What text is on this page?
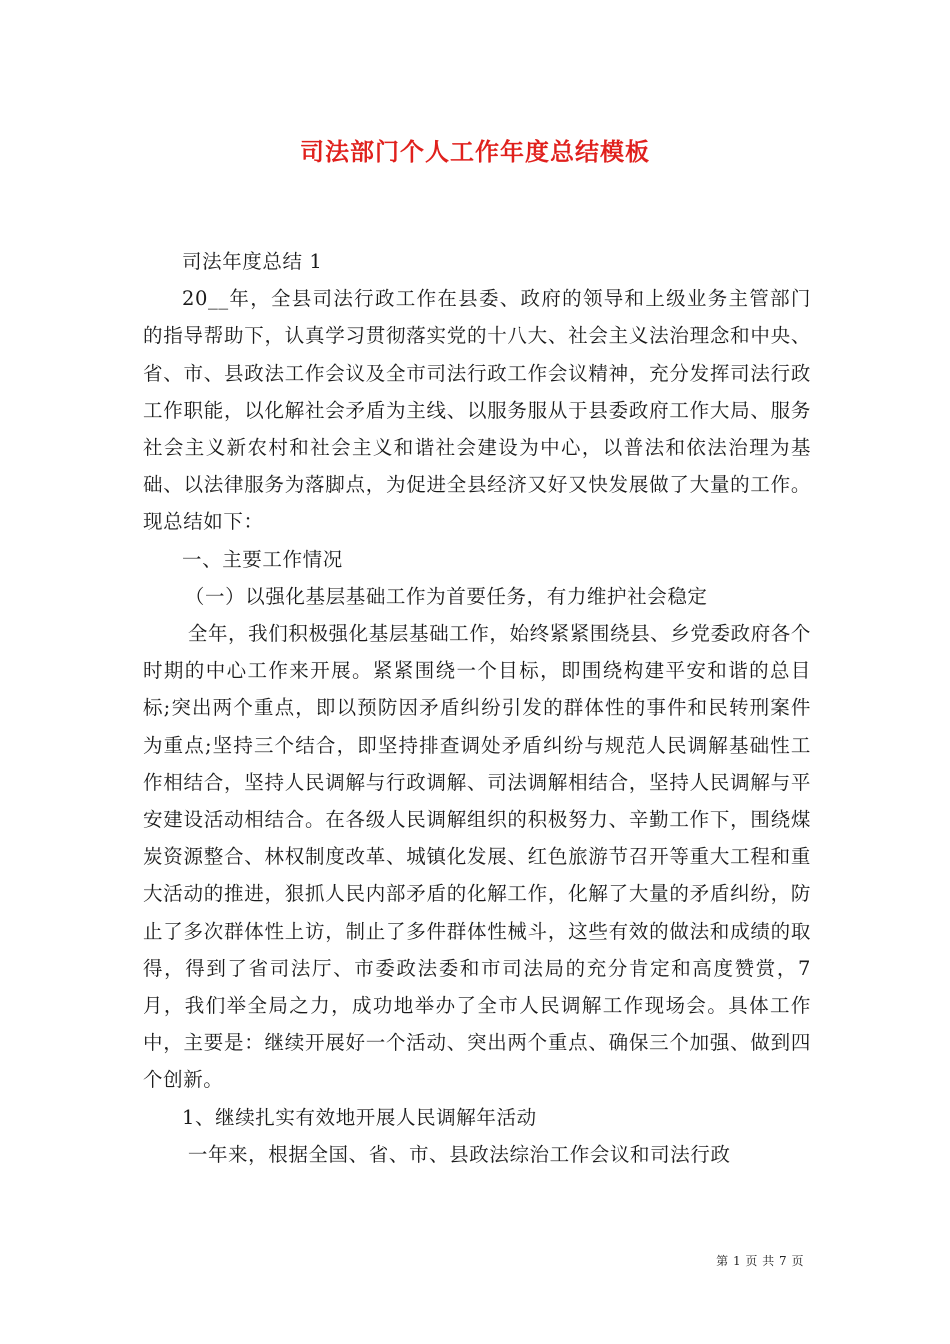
司法部门个人工作年度总结模板

司法年度总结 1

20__年，全县司法行政工作在县委、政府的领导和上级业务主管部门的指导帮助下，认真学习贯彻落实党的十八大、社会主义法治理念和中央、省、市、县政法工作会议及全市司法行政工作会议精神，充分发挥司法行政工作职能，以化解社会矛盾为主线、以服务服从于县委政府工作大局、服务社会主义新农村和社会主义和谐社会建设为中心，以普法和依法治理为基础、以法律服务为落脚点，为促进全县经济又好又快发展做了大量的工作。现总结如下：

一、主要工作情况

（一）以强化基层基础工作为首要任务，有力维护社会稳定

全年，我们积极强化基层基础工作，始终紧紧围绕县、乡党委政府各个时期的中心工作来开展。紧紧围绕一个目标，即围绕构建平安和谐的总目标;突出两个重点，即以预防因矛盾纠纷引发的群体性的事件和民转刑案件为重点;坚持三个结合，即坚持排查调处矛盾纠纷与规范人民调解基础性工作相结合，坚持人民调解与行政调解、司法调解相结合，坚持人民调解与平安建设活动相结合。在各级人民调解组织的积极努力、辛勤工作下，围绕煤炭资源整合、林权制度改革、城镇化发展、红色旅游节召开等重大工程和重大活动的推进，狠抓人民内部矛盾的化解工作，化解了大量的矛盾纠纷，防止了多次群体性上访，制止了多件群体性械斗，这些有效的做法和成绩的取得，得到了省司法厅、市委政法委和市司法局的充分肯定和高度赞赏，7 月，我们举全局之力，成功地举办了全市人民调解工作现场会。具体工作中，主要是：继续开展好一个活动、突出两个重点、确保三个加强、做到四个创新。

1、继续扎实有效地开展人民调解年活动

一年来，根据全国、省、市、县政法综治工作会议和司法行政

第 1 页 共 7 页
